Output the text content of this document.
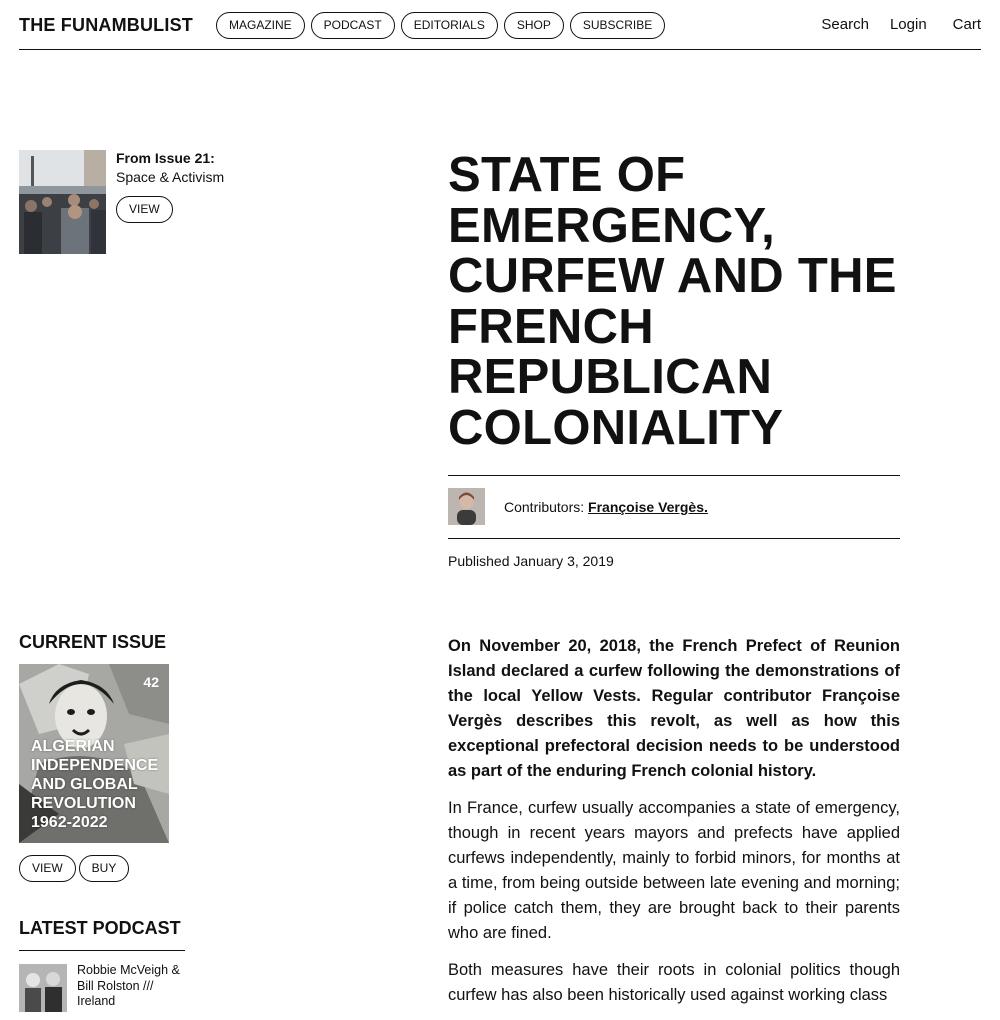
THE FUNAMBULIST	MAGAZINE	PODCAST	EDITORIALS	SHOP	SUBSCRIBE	Search Login Cart
From Issue 21:
Space & Activism
VIEW
STATE OF EMERGENCY, CURFEW AND THE FRENCH REPUBLICAN COLONIALITY
Contributors: Françoise Vergès.
Published January 3, 2019

On November 20, 2018, the French Prefect of Reunion Island declared a curfew following the demonstrations of the local Yellow Vests. Regular contributor Françoise Vergès describes this revolt, as well as how this exceptional prefectoral decision needs to be understood as part of the enduring French colonial history.

In France, curfew usually accompanies a state of emergency, though in recent years mayors and prefects have applied curfews independently, mainly to forbid minors, for months at a time, from being outside between late evening and morning; if police catch them, they are brought back to their parents who are fined.

Both measures have their roots in colonial politics though curfew has also been historically used against working class

CURRENT ISSUE
42
ALGERIAN INDEPENDENCE AND GLOBAL REVOLUTION 1962-2022
VIEW	BUY
LATEST PODCAST
Robbie McVeigh & Bill Rolston /// Ireland
